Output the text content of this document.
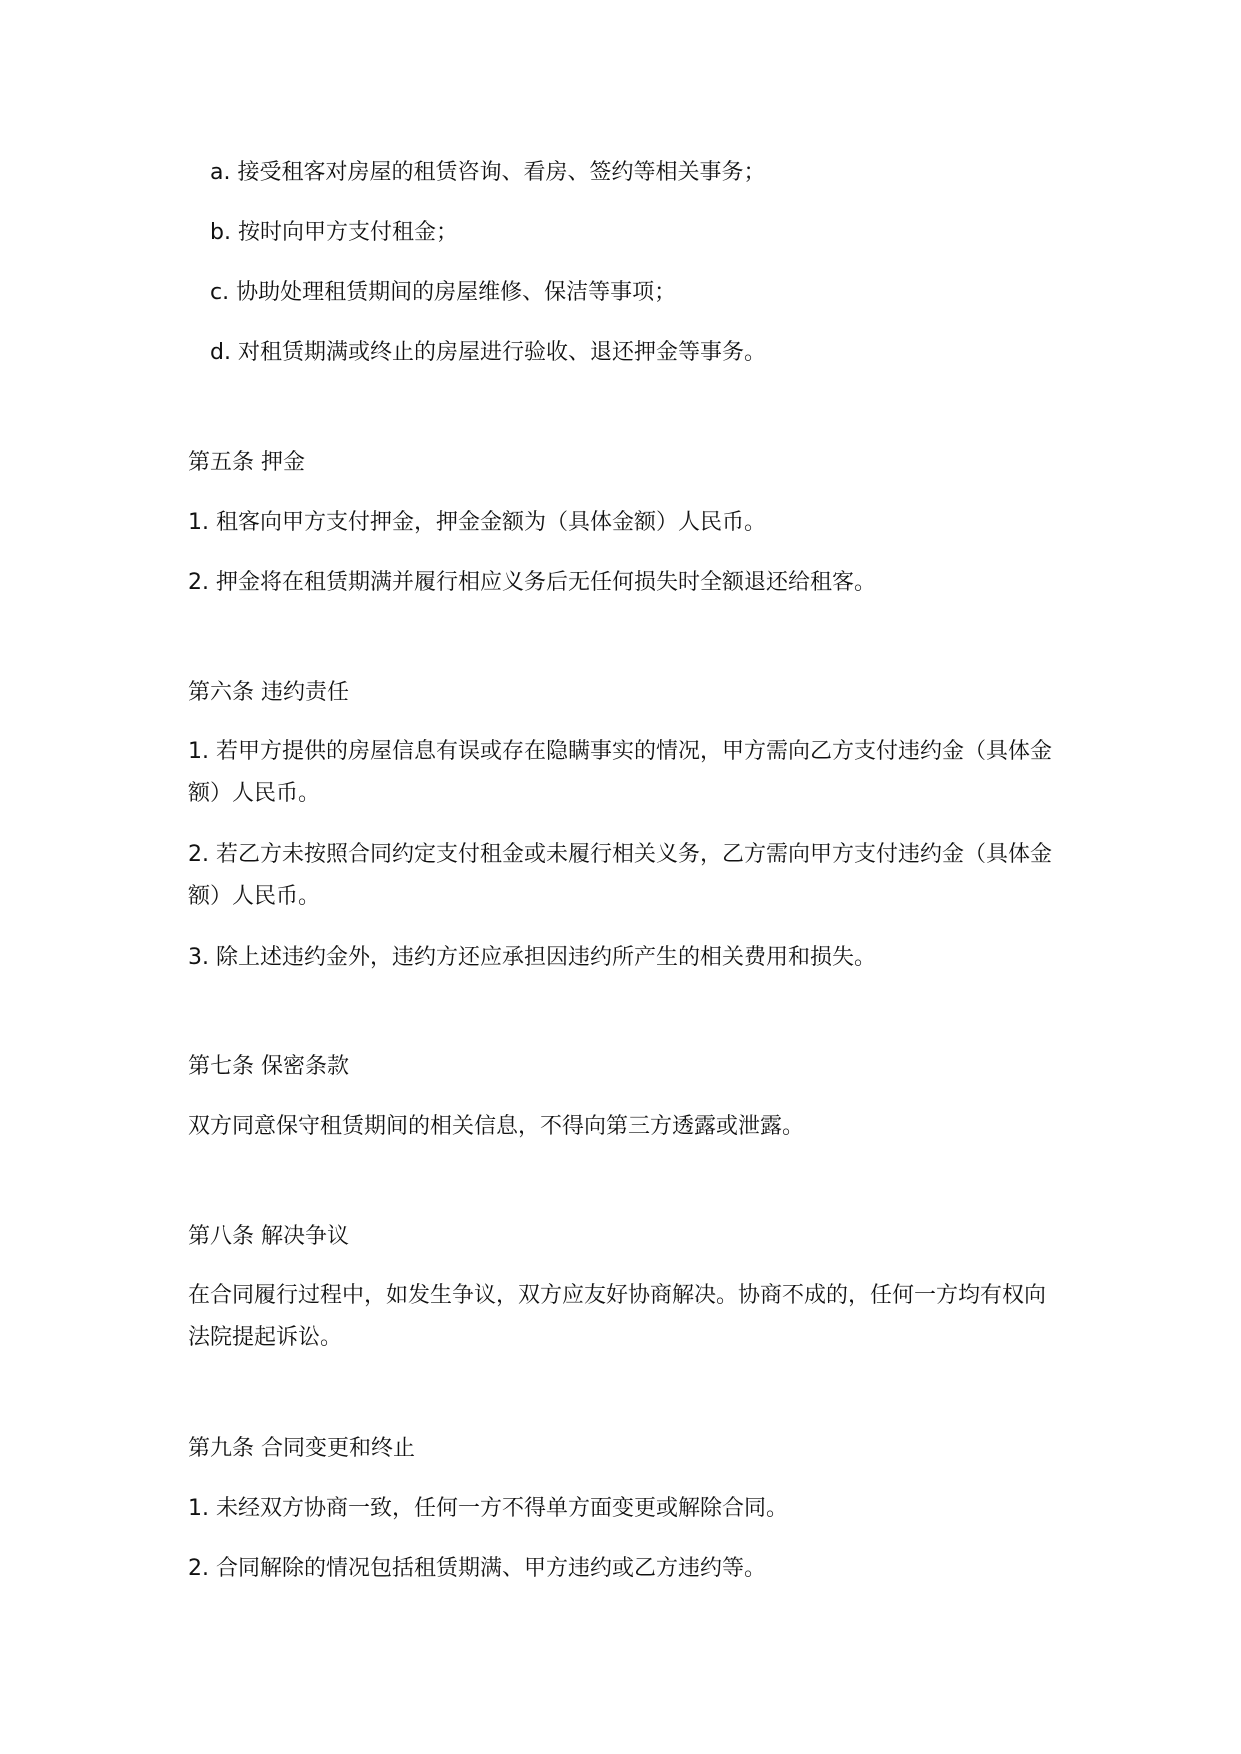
a. 接受租客对房屋的租赁咨询、看房、签约等相关事务；
b. 按时向甲方支付租金；
c. 协助处理租赁期间的房屋维修、保洁等事项；
d. 对租赁期满或终止的房屋进行验收、退还押金等事务。
第五条 押金
1. 租客向甲方支付押金，押金金额为（具体金额）人民币。
2. 押金将在租赁期满并履行相应义务后无任何损失时全额退还给租客。
第六条 违约责任
1. 若甲方提供的房屋信息有误或存在隐瞒事实的情况，甲方需向乙方支付违约金（具体金额）人民币。
2. 若乙方未按照合同约定支付租金或未履行相关义务，乙方需向甲方支付违约金（具体金额）人民币。
3. 除上述违约金外，违约方还应承担因违约所产生的相关费用和损失。
第七条 保密条款
双方同意保守租赁期间的相关信息，不得向第三方透露或泄露。
第八条 解决争议
在合同履行过程中，如发生争议，双方应友好协商解决。协商不成的，任何一方均有权向法院提起诉讼。
第九条 合同变更和终止
1. 未经双方协商一致，任何一方不得单方面变更或解除合同。
2. 合同解除的情况包括租赁期满、甲方违约或乙方违约等。
